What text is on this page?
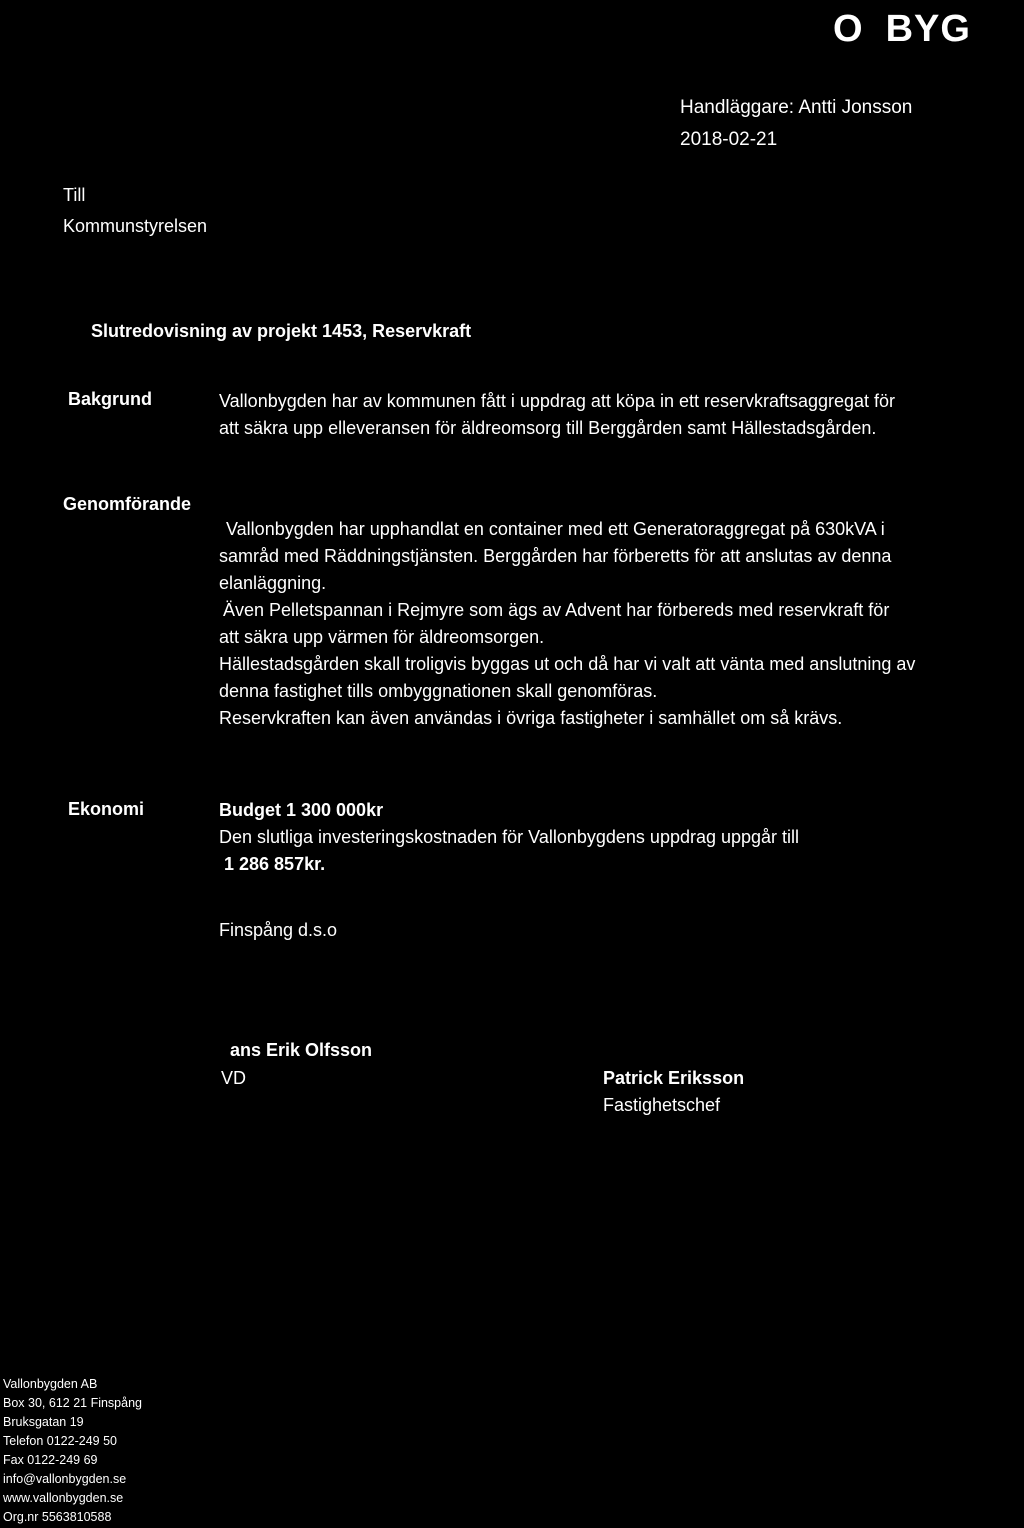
O BYG
Handläggare: Antti Jonsson
2018-02-21
Till
Kommunstyrelsen
Slutredovisning av projekt 1453, Reservkraft
Bakgrund	Vallonbygden har av kommunen fått i uppdrag att köpa in ett reservkraftsaggregat för

att säkra upp elleveransen för äldreomsorg till Berggården samt Hällestadsgården.

Genomförande

Vallonbygden har upphandlat en container med ett Generatoraggregat på 630kVA i

samråd med Räddningstjänsten. Berggården har förberetts för att anslutas av denna

elanläggning.

Även Pelletspannan i Rejmyre som ägs av Advent har förbereds med reservkraft för

att säkra upp värmen för äldreomsorgen.

Hällestadsgården skall troligvis byggas ut och då har vi valt att vänta med anslutning av

denna fastighet tills ombyggnationen skall genomföras.

Reservkraften kan även användas i övriga fastigheter i samhället om så krävs.

Ekonomi	Budget 1 300 000kr

Den slutliga investeringskostnaden för Vallonbygdens uppdrag uppgår till

1 286 857kr.

Finspång d.s.o
ans Erik Olfsson
VD	Patrick Eriksson
Fastighetschef
Vallonbygden AB
Box 30, 612 21 Finspång
Bruksgatan 19
Telefon 0122-249 50
Fax 0122-249 69
info@vallonbygden.se
www.vallonbygden.se
Org.nr 5563810588
